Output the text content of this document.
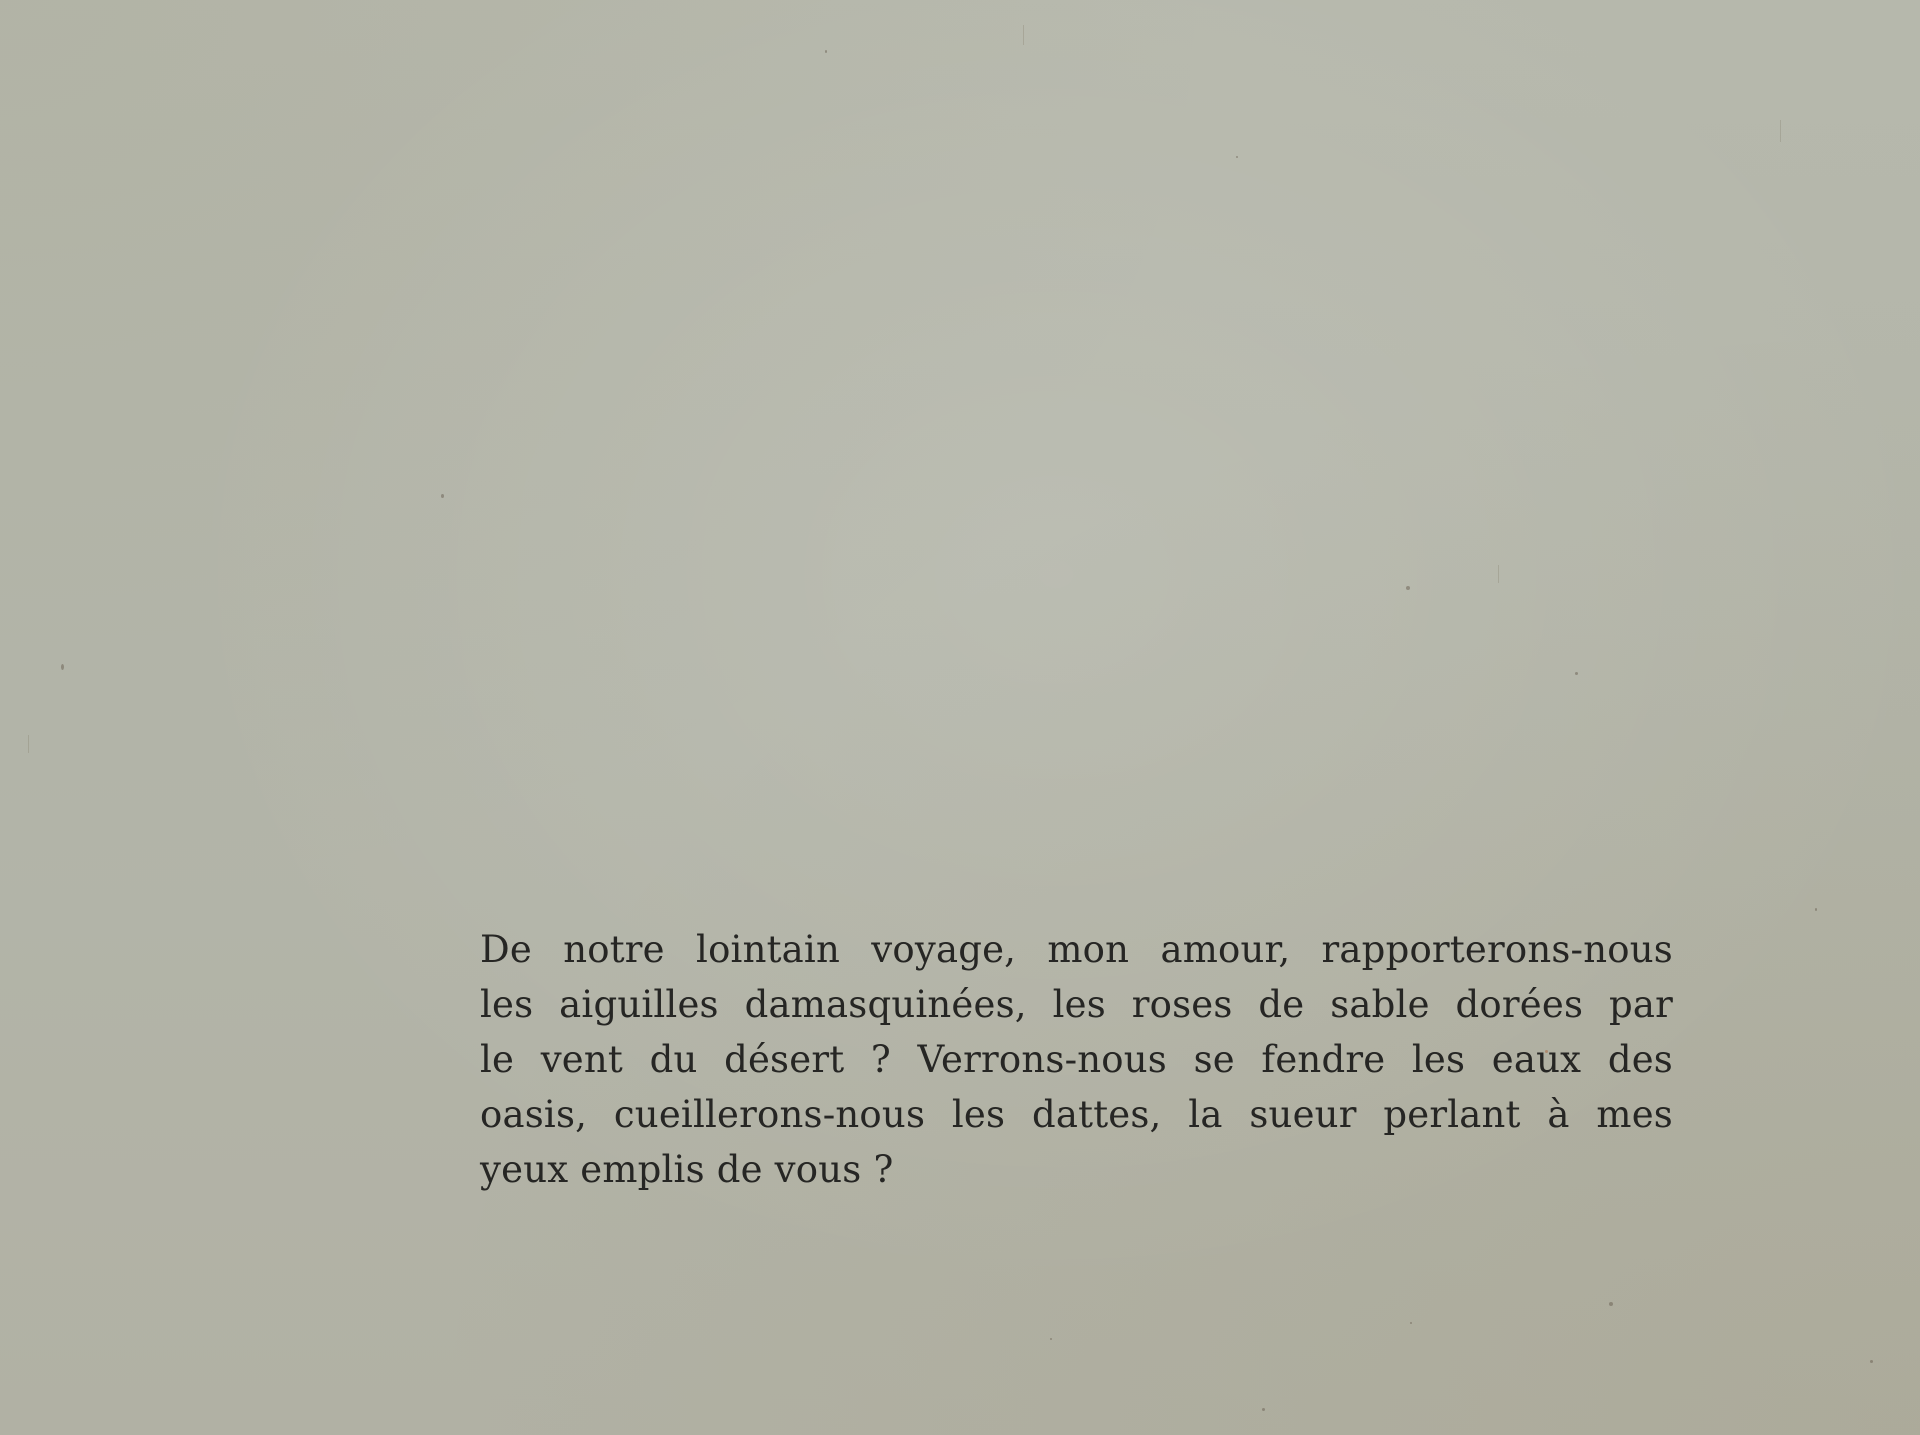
De notre lointain voyage, mon amour, rapporterons-nous
les aiguilles damasquinées, les roses de sable dorées par
le vent du désert ? Verrons-nous se fendre les eaux des
oasis, cueillerons-nous les dattes, la sueur perlant à mes
yeux emplis de vous ?
